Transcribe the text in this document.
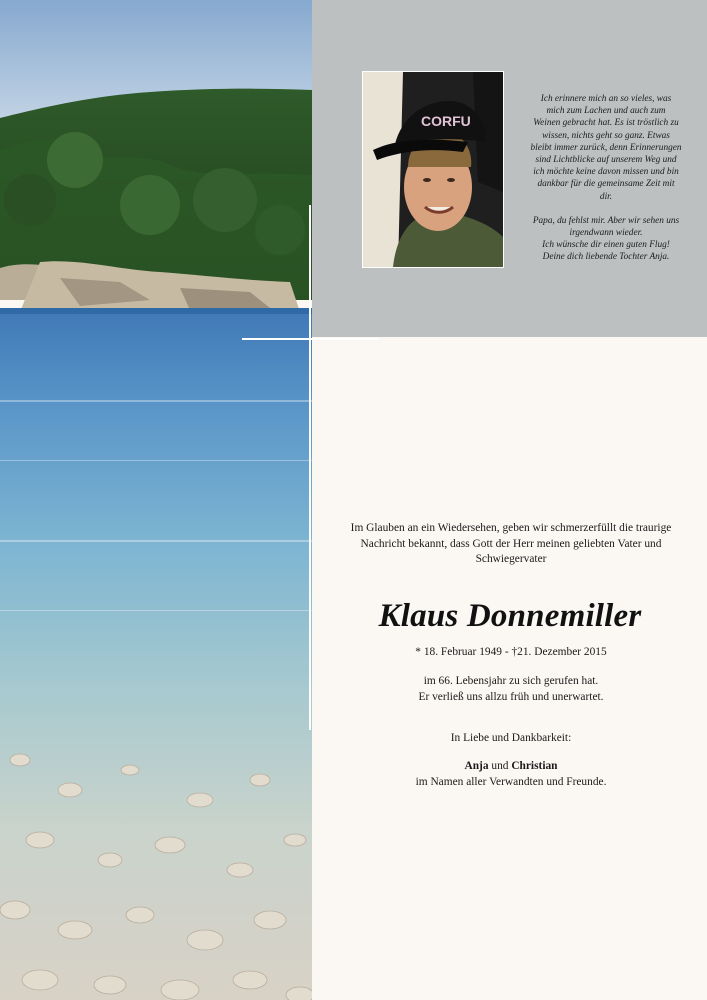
CORFU

Ich erinnere mich an so vieles, was

mich zum Lachen und auch zum

Weinen gebracht hat. Es ist tröstlich zu

wissen, nichts geht so ganz. Etwas

bleibt immer zurück, denn Erinnerungen

sind Lichtblicke auf unserem Weg und

ich möchte keine davon missen und bin

dankbar für die gemeinsame Zeit mit

dir.

Papa, du fehlst mir. Aber wir sehen uns

irgendwann wieder.

Ich wünsche dir einen guten Flug!

Deine dich liebende Tochter Anja.

Im Glauben an ein Wiedersehen, geben wir schmerzerfüllt die traurige

Nachricht bekannt, dass Gott der Herr meinen geliebten Vater und

Schwiegervater

Klaus Donnemiller

* 18. Februar 1949 - †21. Dezember 2015

im 66. Lebensjahr zu sich gerufen hat.

Er verließ uns allzu früh und unerwartet.

In Liebe und Dankbarkeit:

Anja und Christian

im Namen aller Verwandten und Freunde.
